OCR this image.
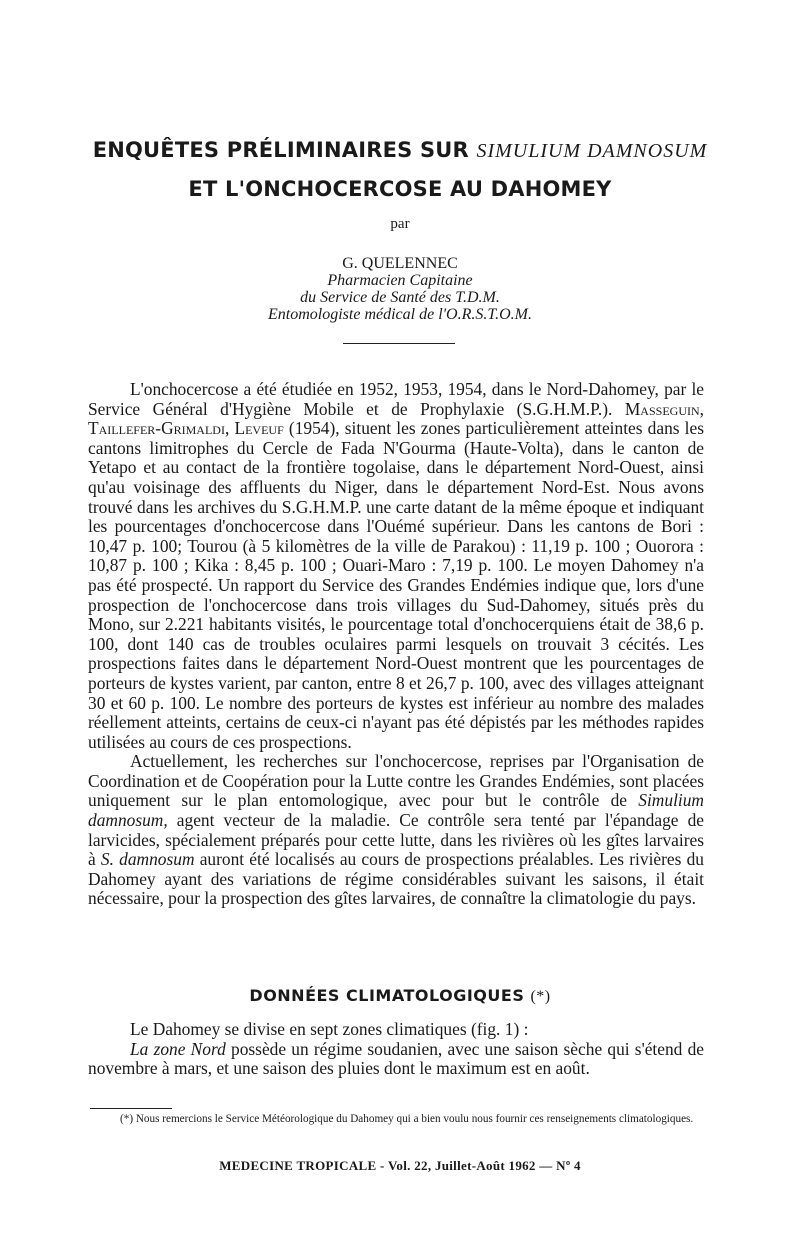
ENQUÊTES PRÉLIMINAIRES SUR SIMULIUM DAMNOSUM
ET L'ONCHOCERCOSE AU DAHOMEY
par
G. QUELENNEC
Pharmacien Capitaine
du Service de Santé des T.D.M.
Entomologiste médical de l'O.R.S.T.O.M.

L'onchocercose a été étudiée en 1952, 1953, 1954, dans le Nord-Dahomey, par le Service Général d'Hygiène Mobile et de Prophylaxie (S.G.H.M.P.). Masseguin, Taillefer-Grimaldi, Leveuf (1954), situent les zones particulièrement atteintes dans les cantons limitrophes du Cercle de Fada N'Gourma (Haute-Volta), dans le canton de Yetapo et au contact de la frontière togolaise, dans le département Nord-Ouest, ainsi qu'au voisinage des affluents du Niger, dans le département Nord-Est. Nous avons trouvé dans les archives du S.G.H.M.P. une carte datant de la même époque et indiquant les pourcentages d'onchocercose dans l'Ouémé supérieur. Dans les cantons de Bori : 10,47 p. 100; Tourou (à 5 kilomètres de la ville de Parakou) : 11,19 p. 100 ; Ouorora : 10,87 p. 100 ; Kika : 8,45 p. 100 ; Ouari-Maro : 7,19 p. 100. Le moyen Dahomey n'a pas été prospecté. Un rapport du Service des Grandes Endémies indique que, lors d'une prospection de l'onchocercose dans trois villages du Sud-Dahomey, situés près du Mono, sur 2.221 habitants visités, le pourcentage total d'onchocerquiens était de 38,6 p. 100, dont 140 cas de troubles oculaires parmi lesquels on trouvait 3 cécités. Les prospections faites dans le département Nord-Ouest montrent que les pourcentages de porteurs de kystes varient, par canton, entre 8 et 26,7 p. 100, avec des villages atteignant 30 et 60 p. 100. Le nombre des porteurs de kystes est inférieur au nombre des malades réellement atteints, certains de ceux-ci n'ayant pas été dépistés par les méthodes rapides utilisées au cours de ces prospections.

Actuellement, les recherches sur l'onchocercose, reprises par l'Organisation de Coordination et de Coopération pour la Lutte contre les Grandes Endémies, sont placées uniquement sur le plan entomologique, avec pour but le contrôle de Simulium damnosum, agent vecteur de la maladie. Ce contrôle sera tenté par l'épandage de larvicides, spécialement préparés pour cette lutte, dans les rivières où les gîtes larvaires à S. damnosum auront été localisés au cours de prospections préalables. Les rivières du Dahomey ayant des variations de régime considérables suivant les saisons, il était nécessaire, pour la prospection des gîtes larvaires, de connaître la climatologie du pays.

DONNÉES CLIMATOLOGIQUES (*)

Le Dahomey se divise en sept zones climatiques (fig. 1) :

La zone Nord possède un régime soudanien, avec une saison sèche qui s'étend de novembre à mars, et une saison des pluies dont le maximum est en août.

(*) Nous remercions le Service Météorologique du Dahomey qui a bien voulu nous fournir ces renseignements climatologiques.
MEDECINE TROPICALE - Vol. 22, Juillet-Août 1962 — Nº 4
